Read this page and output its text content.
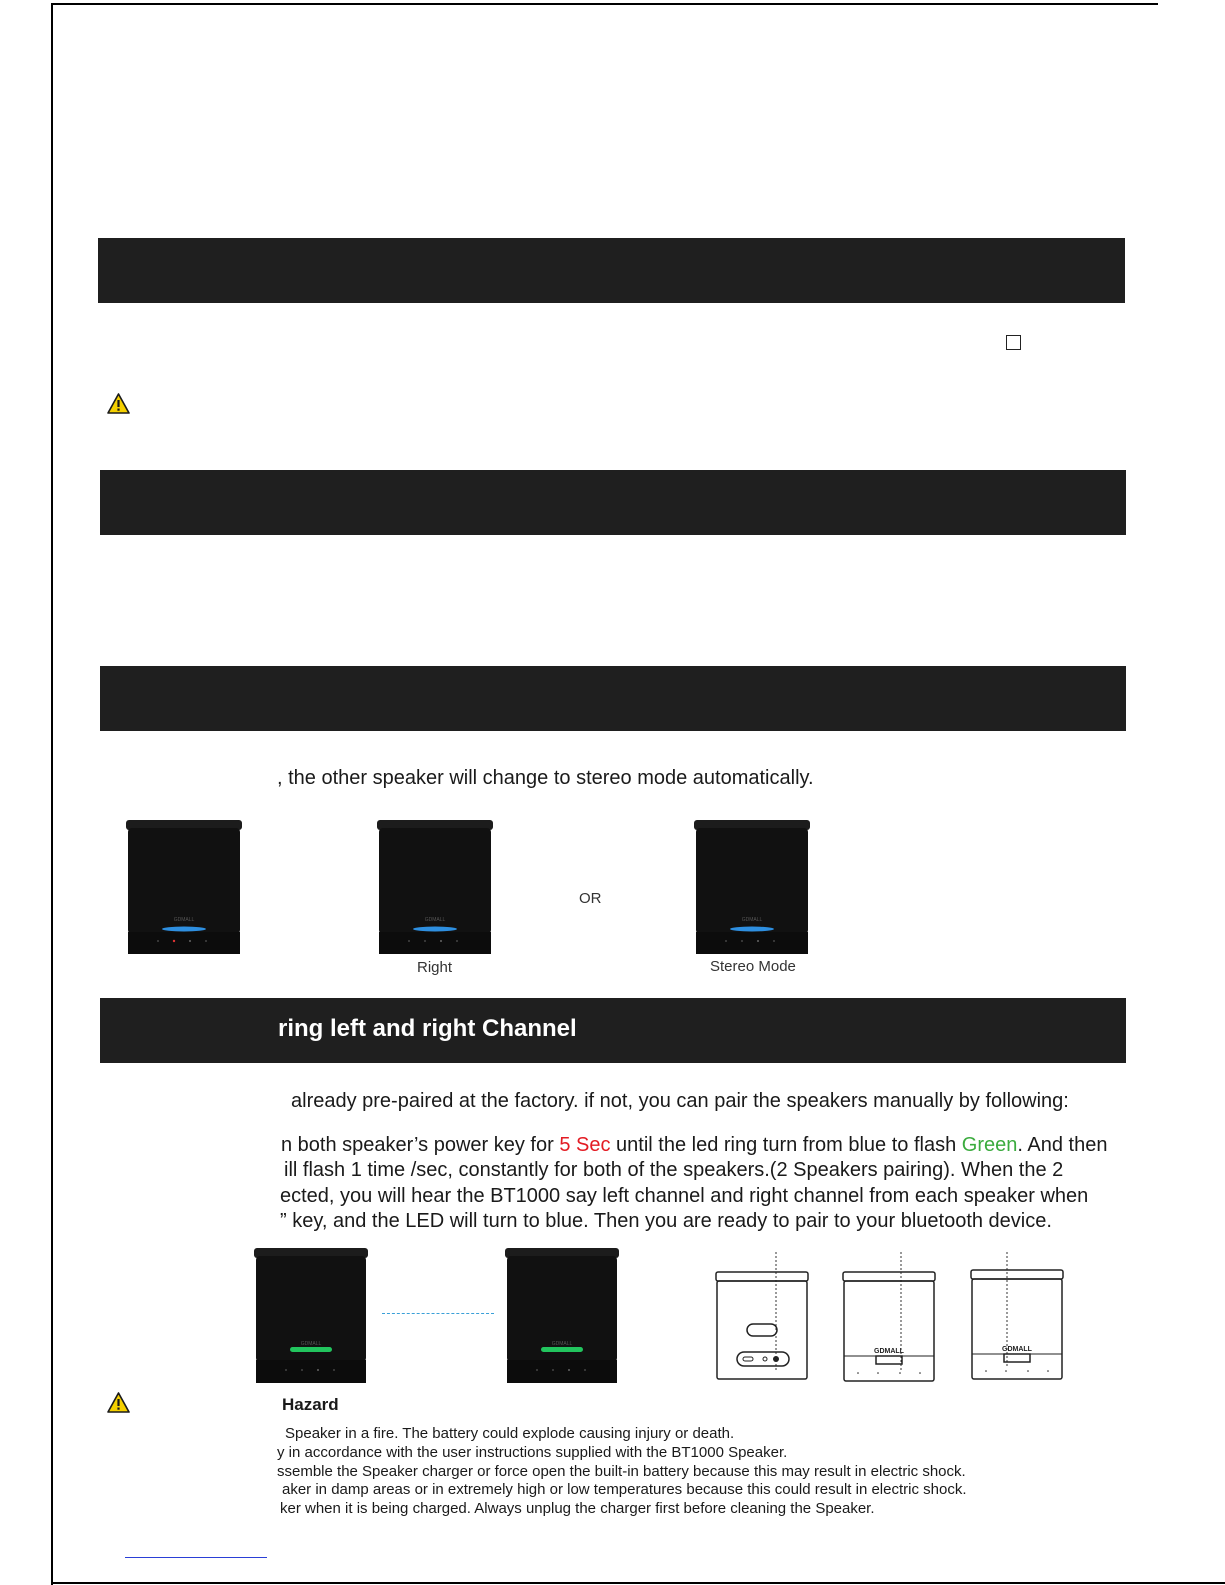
, the other speaker will change to stereo mode automatically.
GDMALL	GDMALL
Right
OR
GDMALL
Stereo Mode
ring left and right Channel
already pre-paired at the factory. if not, you can pair the speakers manually by following:
n both speaker’s power key for 5 Sec until the led ring turn from blue to flash Green. And then
ill flash 1 time /sec, constantly for both of the speakers.(2 Speakers pairing). When the 2
ected, you will hear the BT1000 say left channel and right channel from each speaker when
” key, and the LED will turn to blue. Then you are ready to pair to your bluetooth device.
GDMALL	GDMALL
GDMALL	GDMALL
Hazard
Speaker in a fire. The battery could explode causing injury or death.
y in accordance with the user instructions supplied with the BT1000 Speaker.
ssemble the Speaker charger or force open the built-in battery because this may result in electric shock.
aker in damp areas or in extremely high or low temperatures because this could result in electric shock.
ker when it is being charged. Always unplug the charger first before cleaning the Speaker.
